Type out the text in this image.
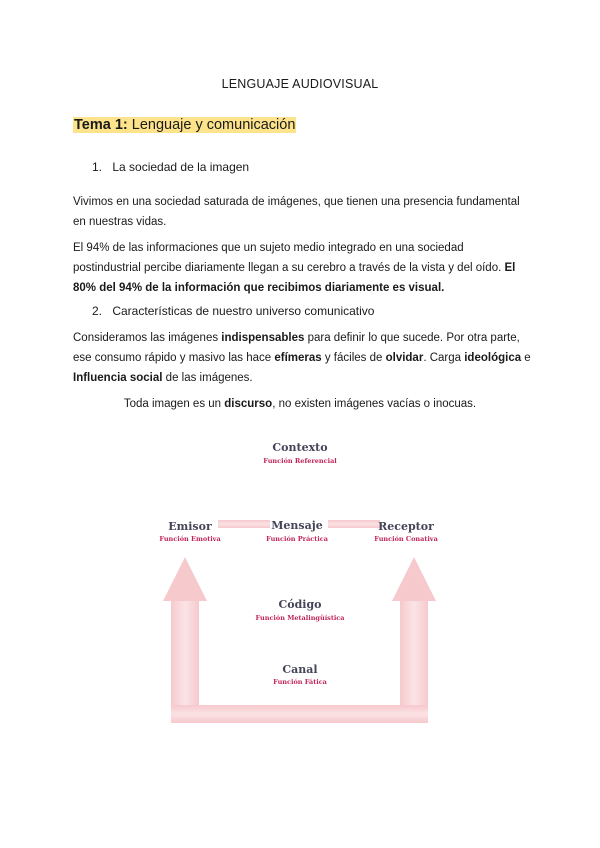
LENGUAJE AUDIOVISUAL
Tema 1: Lenguaje y comunicación
1. La sociedad de la imagen
Vivimos en una sociedad saturada de imágenes, que tienen una presencia fundamental en nuestras vidas.
El 94% de las informaciones que un sujeto medio integrado en una sociedad postindustrial percibe diariamente llegan a su cerebro a través de la vista y del oído. El 80% del 94% de la información que recibimos diariamente es visual.
2. Características de nuestro universo comunicativo
Consideramos las imágenes indispensables para definir lo que sucede. Por otra parte, ese consumo rápido y masivo las hace efímeras y fáciles de olvidar. Carga ideológica e Influencia social de las imágenes.
Toda imagen es un discurso, no existen imágenes vacías o inocuas.
Contexto
Función Referencial
Emisor
Función Emotiva
Mensaje
Función Práctica
Receptor
Función Conativa
Código
Función Metalingüística
Canal
Función Fática
